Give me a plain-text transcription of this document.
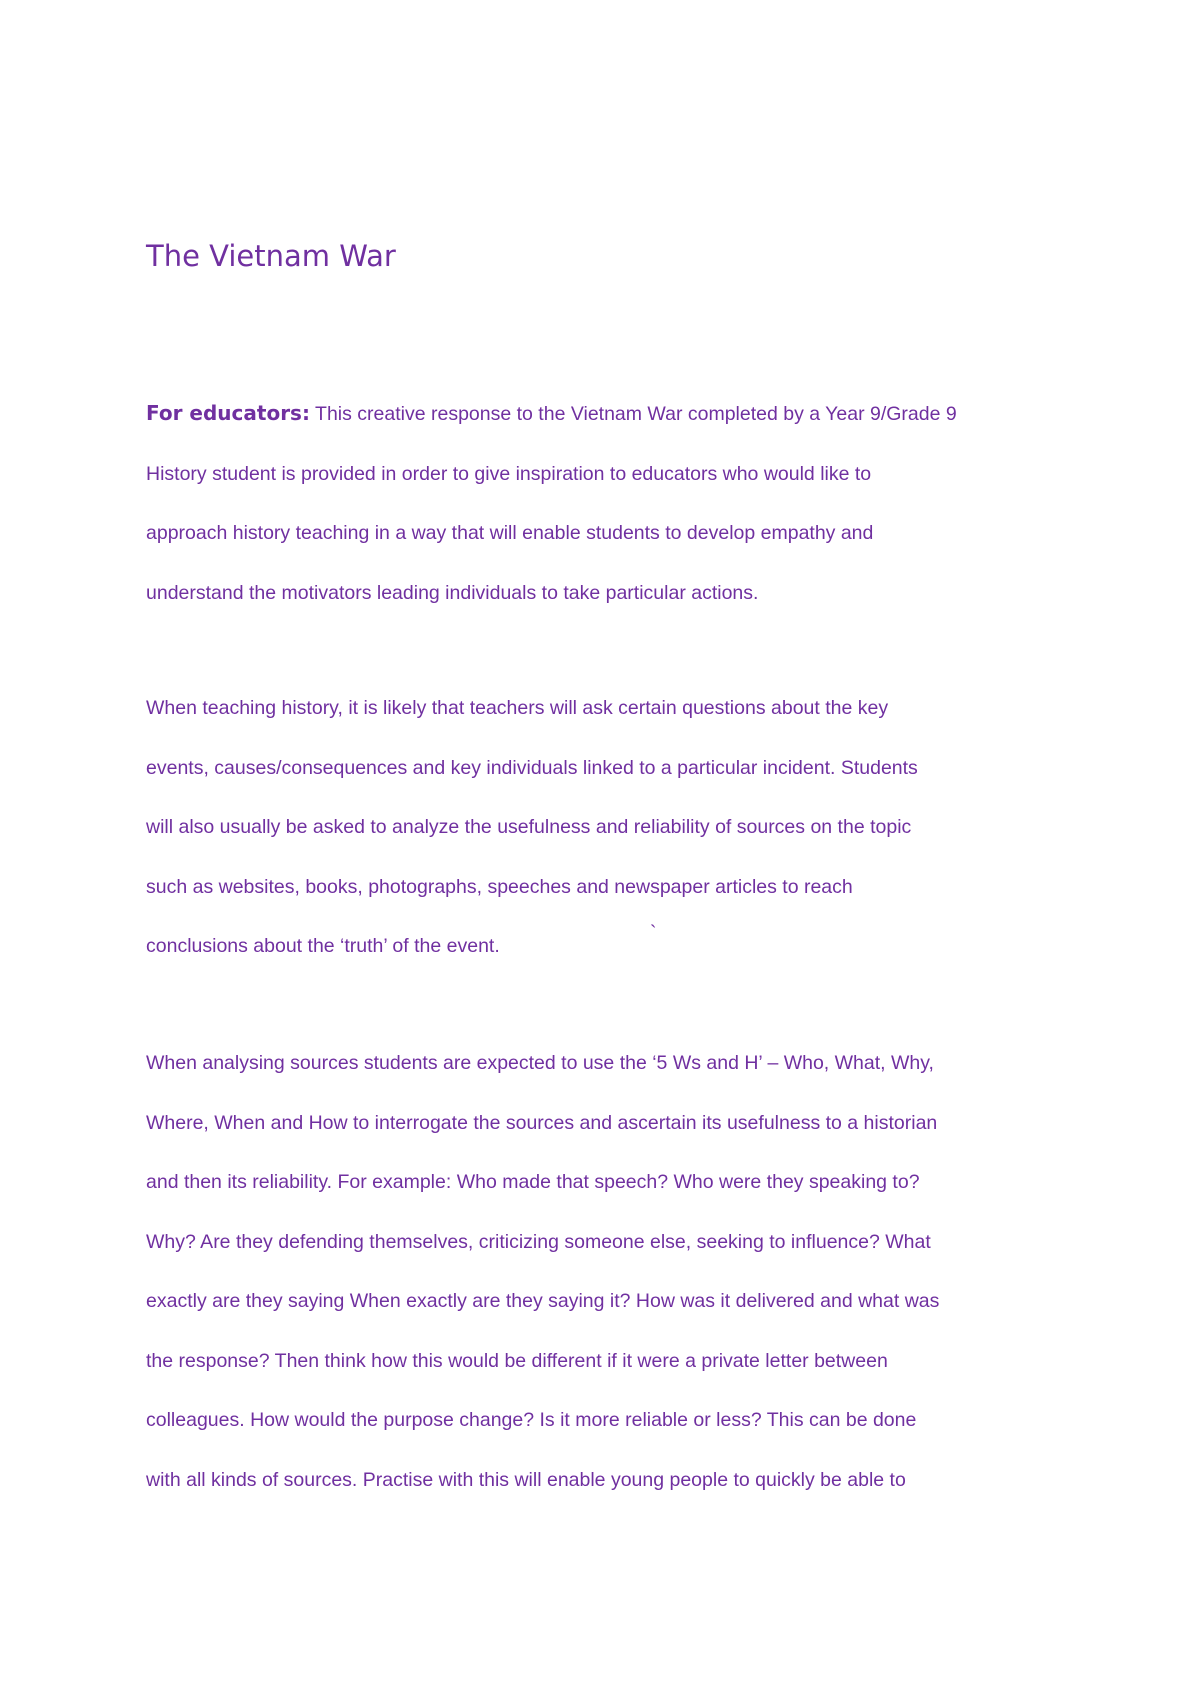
The Vietnam War

For educators: This creative response to the Vietnam War completed by a Year 9/Grade 9
History student is provided in order to give inspiration to educators who would like to
approach history teaching in a way that will enable students to develop empathy and
understand the motivators leading individuals to take particular actions.

When teaching history, it is likely that teachers will ask certain questions about the key
events, causes/consequences and key individuals linked to a particular incident. Students
will also usually be asked to analyze the usefulness and reliability of sources on the topic
such as websites, books, photographs, speeches and newspaper articles to reach
conclusions about the ‘truth’ of the event.

`

When analysing sources students are expected to use the ‘5 Ws and H’ – Who, What, Why,
Where, When and How to interrogate the sources and ascertain its usefulness to a historian
and then its reliability. For example: Who made that speech? Who were they speaking to?
Why? Are they defending themselves, criticizing someone else, seeking to influence? What
exactly are they saying When exactly are they saying it? How was it delivered and what was
the response? Then think how this would be different if it were a private letter between
colleagues. How would the purpose change? Is it more reliable or less? This can be done
with all kinds of sources. Practise with this will enable young people to quickly be able to
